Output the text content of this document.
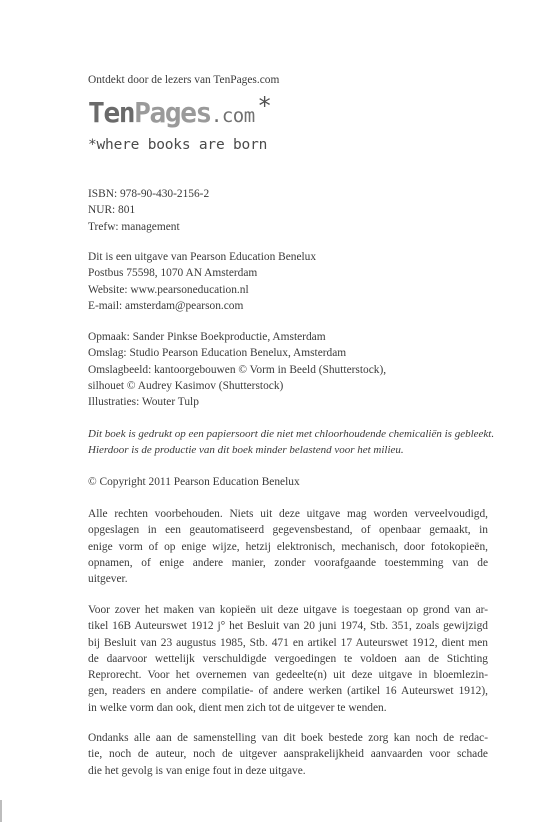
Ontdekt door de lezers van TenPages.com
TenPages.com *
*where books are born
ISBN: 978-90-430-2156-2
NUR: 801
Trefw: management
Dit is een uitgave van Pearson Education Benelux
Postbus 75598, 1070 AN Amsterdam
Website: www.pearsoneducation.nl
E-mail: amsterdam@pearson.com
Opmaak: Sander Pinkse Boekproductie, Amsterdam
Omslag: Studio Pearson Education Benelux, Amsterdam
Omslagbeeld: kantoorgebouwen © Vorm in Beeld (Shutterstock),
silhouet © Audrey Kasimov (Shutterstock)
Illustraties: Wouter Tulp
Dit boek is gedrukt op een papiersoort die niet met chloorhoudende chemicaliën is gebleekt.
Hierdoor is de productie van dit boek minder belastend voor het milieu.
© Copyright 2011 Pearson Education Benelux
Alle rechten voorbehouden. Niets uit deze uitgave mag worden verveelvoudigd,
opgeslagen in een geautomatiseerd gegevensbestand, of openbaar gemaakt, in
enige vorm of op enige wijze, hetzij elektronisch, mechanisch, door fotokopieën,
opnamen, of enige andere manier, zonder voorafgaande toestemming van de
uitgever.
Voor zover het maken van kopieën uit deze uitgave is toegestaan op grond van ar-
tikel 16B Auteurswet 1912 j° het Besluit van 20 juni 1974, Stb. 351, zoals gewijzigd
bij Besluit van 23 augustus 1985, Stb. 471 en artikel 17 Auteurswet 1912, dient men
de daarvoor wettelijk verschuldigde vergoedingen te voldoen aan de Stichting
Reprorecht. Voor het overnemen van gedeelte(n) uit deze uitgave in bloemlezin-
gen, readers en andere compilatie- of andere werken (artikel 16 Auteurswet 1912),
in welke vorm dan ook, dient men zich tot de uitgever te wenden.
Ondanks alle aan de samenstelling van dit boek bestede zorg kan noch de redac-
tie, noch de auteur, noch de uitgever aansprakelijkheid aanvaarden voor schade
die het gevolg is van enige fout in deze uitgave.
